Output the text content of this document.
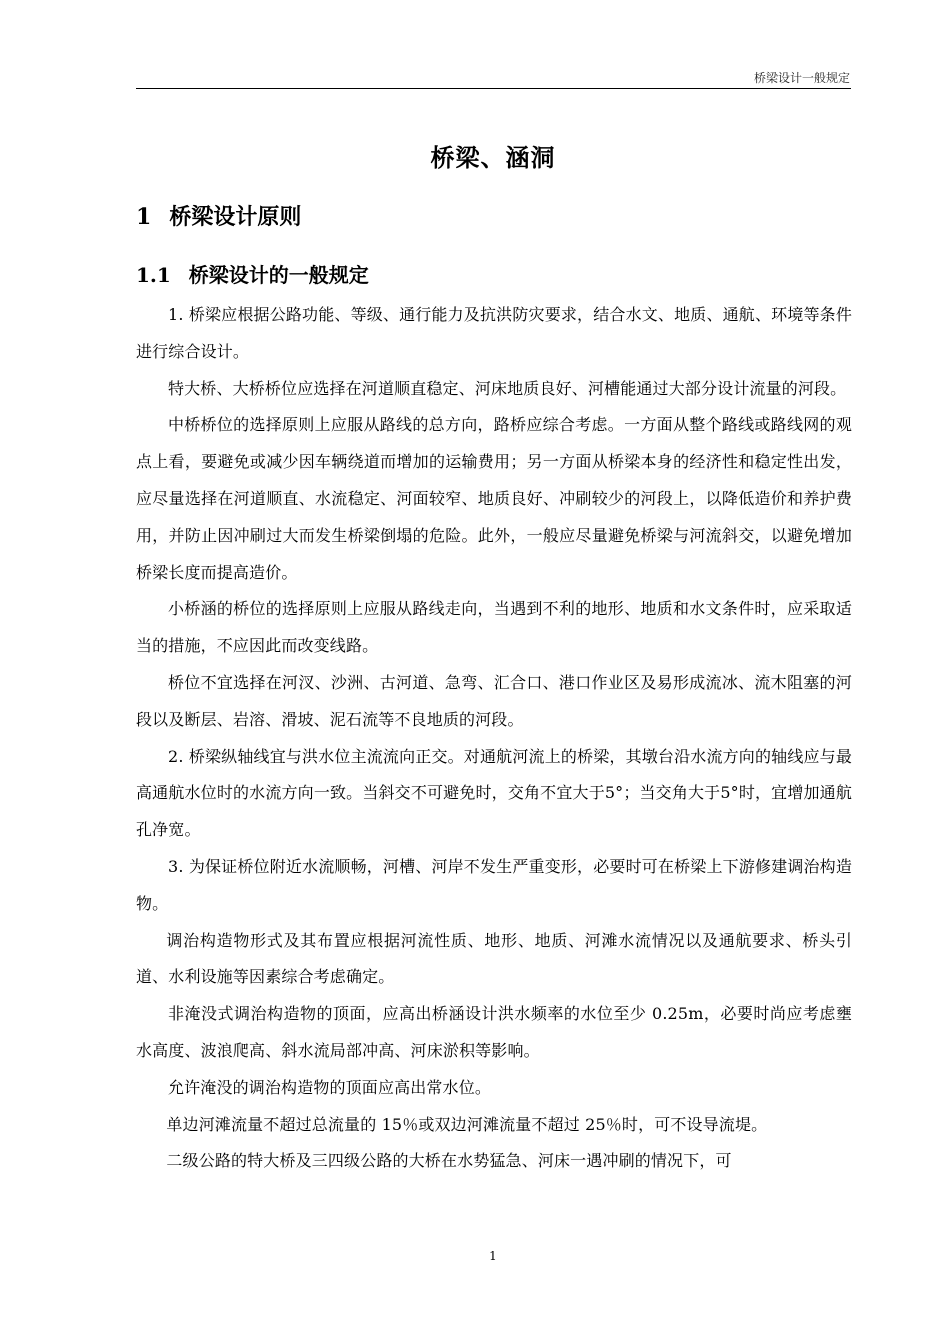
桥梁设计一般规定
桥梁、涵洞
1 桥梁设计原则
1.1 桥梁设计的一般规定

1. 桥梁应根据公路功能、等级、通行能力及抗洪防灾要求，结合水文、地质、通航、环境等条件进行综合设计。

特大桥、大桥桥位应选择在河道顺直稳定、河床地质良好、河槽能通过大部分设计流量的河段。

中桥桥位的选择原则上应服从路线的总方向，路桥应综合考虑。一方面从整个路线或路线网的观点上看，要避免或减少因车辆绕道而增加的运输费用；另一方面从桥梁本身的经济性和稳定性出发，应尽量选择在河道顺直、水流稳定、河面较窄、地质良好、冲刷较少的河段上，以降低造价和养护费用，并防止因冲刷过大而发生桥梁倒塌的危险。此外，一般应尽量避免桥梁与河流斜交，以避免增加桥梁长度而提高造价。

小桥涵的桥位的选择原则上应服从路线走向，当遇到不利的地形、地质和水文条件时，应采取适当的措施，不应因此而改变线路。

桥位不宜选择在河汊、沙洲、古河道、急弯、汇合口、港口作业区及易形成流冰、流木阻塞的河段以及断层、岩溶、滑坡、泥石流等不良地质的河段。

2. 桥梁纵轴线宜与洪水位主流流向正交。对通航河流上的桥梁，其墩台沿水流方向的轴线应与最高通航水位时的水流方向一致。当斜交不可避免时，交角不宜大于5°；当交角大于5°时，宜增加通航孔净宽。

3. 为保证桥位附近水流顺畅，河槽、河岸不发生严重变形，必要时可在桥梁上下游修建调治构造物。

调治构造物形式及其布置应根据河流性质、地形、地质、河滩水流情况以及通航要求、桥头引道、水利设施等因素综合考虑确定。

非淹没式调治构造物的顶面，应高出桥涵设计洪水频率的水位至少 0.25m，必要时尚应考虑壅水高度、波浪爬高、斜水流局部冲高、河床淤积等影响。

允许淹没的调治构造物的顶面应高出常水位。

单边河滩流量不超过总流量的 15％或双边河滩流量不超过 25％时，可不设导流堤。

二级公路的特大桥及三四级公路的大桥在水势猛急、河床一遇冲刷的情况下，可

1
